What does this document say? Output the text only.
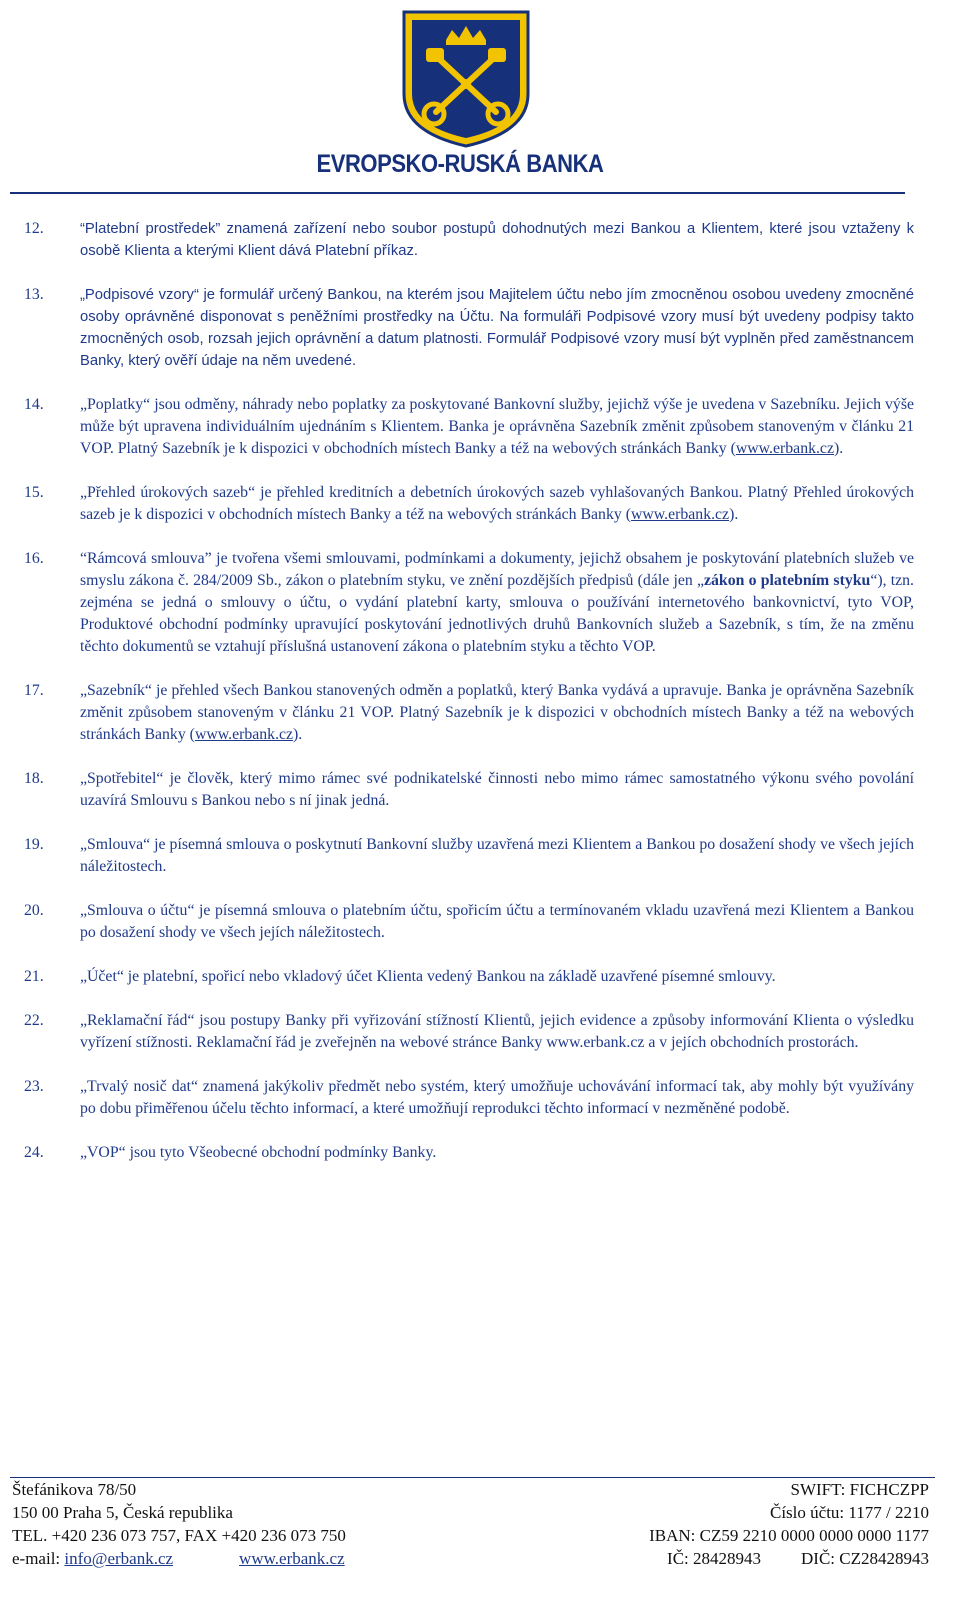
EVROPSKO-RUSKÁ BANKA
12.	“Platební prostředek” znamená zařízení nebo soubor postupů dohodnutých mezi Bankou a Klientem, které jsou vztaženy k osobě Klienta a kterými Klient dává Platební příkaz.
13.	„Podpisové vzory“ je formulář určený Bankou, na kterém jsou Majitelem účtu nebo jím zmocněnou osobou uvedeny zmocněné osoby oprávněné disponovat s peněžními prostředky na Účtu. Na formuláři Podpisové vzory musí být uvedeny podpisy takto zmocněných osob, rozsah jejich oprávnění a datum platnosti. Formulář Podpisové vzory musí být vyplněn před zaměstnancem Banky, který ověří údaje na něm uvedené.
14.	„Poplatky“ jsou odměny, náhrady nebo poplatky za poskytované Bankovní služby, jejichž výše je uvedena v Sazebníku. Jejich výše může být upravena individuálním ujednáním s Klientem. Banka je oprávněna Sazebník změnit způsobem stanoveným v článku 21 VOP. Platný Sazebník je k dispozici v obchodních místech Banky a též na webových stránkách Banky (www.erbank.cz).
15.	„Přehled úrokových sazeb“ je přehled kreditních a debetních úrokových sazeb vyhlašovaných Bankou. Platný Přehled úrokových sazeb je k dispozici v obchodních místech Banky a též na webových stránkách Banky (www.erbank.cz).
16.	“Rámcová smlouva” je tvořena všemi smlouvami, podmínkami a dokumenty, jejichž obsahem je poskytování platebních služeb ve smyslu zákona č. 284/2009 Sb., zákon o platebním styku, ve znění pozdějších předpisů (dále jen „zákon o platebním styku“), tzn. zejména se jedná o smlouvy o účtu, o vydání platební karty, smlouva o používání internetového bankovnictví, tyto VOP, Produktové obchodní podmínky upravující poskytování jednotlivých druhů Bankovních služeb a Sazebník, s tím, že na změnu těchto dokumentů se vztahují příslušná ustanovení zákona o platebním styku a těchto VOP.
17.	„Sazebník“ je přehled všech Bankou stanovených odměn a poplatků, který Banka vydává a upravuje. Banka je oprávněna Sazebník změnit způsobem stanoveným v článku 21 VOP. Platný Sazebník je k dispozici v obchodních místech Banky a též na webových stránkách Banky (www.erbank.cz).
18.	„Spotřebitel“ je člověk, který mimo rámec své podnikatelské činnosti nebo mimo rámec samostatného výkonu svého povolání uzavírá Smlouvu s Bankou nebo s ní jinak jedná.
19.	„Smlouva“ je písemná smlouva o poskytnutí Bankovní služby uzavřená mezi Klientem a Bankou po dosažení shody ve všech jejích náležitostech.
20.	„Smlouva o účtu“ je písemná smlouva o platebním účtu, spořicím účtu a termínovaném vkladu uzavřená mezi Klientem a Bankou po dosažení shody ve všech jejích náležitostech.
21.	„Účet“ je platební, spořicí nebo vkladový účet Klienta vedený Bankou na základě uzavřené písemné smlouvy.
22.	„Reklamační řád“ jsou postupy Banky při vyřizování stížností Klientů, jejich evidence a způsoby informování Klienta o výsledku vyřízení stížnosti. Reklamační řád je zveřejněn na webové stránce Banky www.erbank.cz a v jejích obchodních prostorách.
23.	„Trvalý nosič dat“ znamená jakýkoliv předmět nebo systém, který umožňuje uchovávání informací tak, aby mohly být využívány po dobu přiměřenou účelu těchto informací, a které umožňují reprodukci těchto informací v nezměněné podobě.
24.	„VOP“ jsou tyto Všeobecné obchodní podmínky Banky.
Štefánikova 78/50	SWIFT: FICHCZPP
150 00 Praha 5, Česká republika	Číslo účtu: 1177 / 2210
TEL. +420 236 073 757, FAX +420 236 073 750	IBAN: CZ59 2210 0000 0000 0000 1177
e-mail: info@erbank.cz	www.erbank.cz	IČ: 28428943 DIČ: CZ28428943
